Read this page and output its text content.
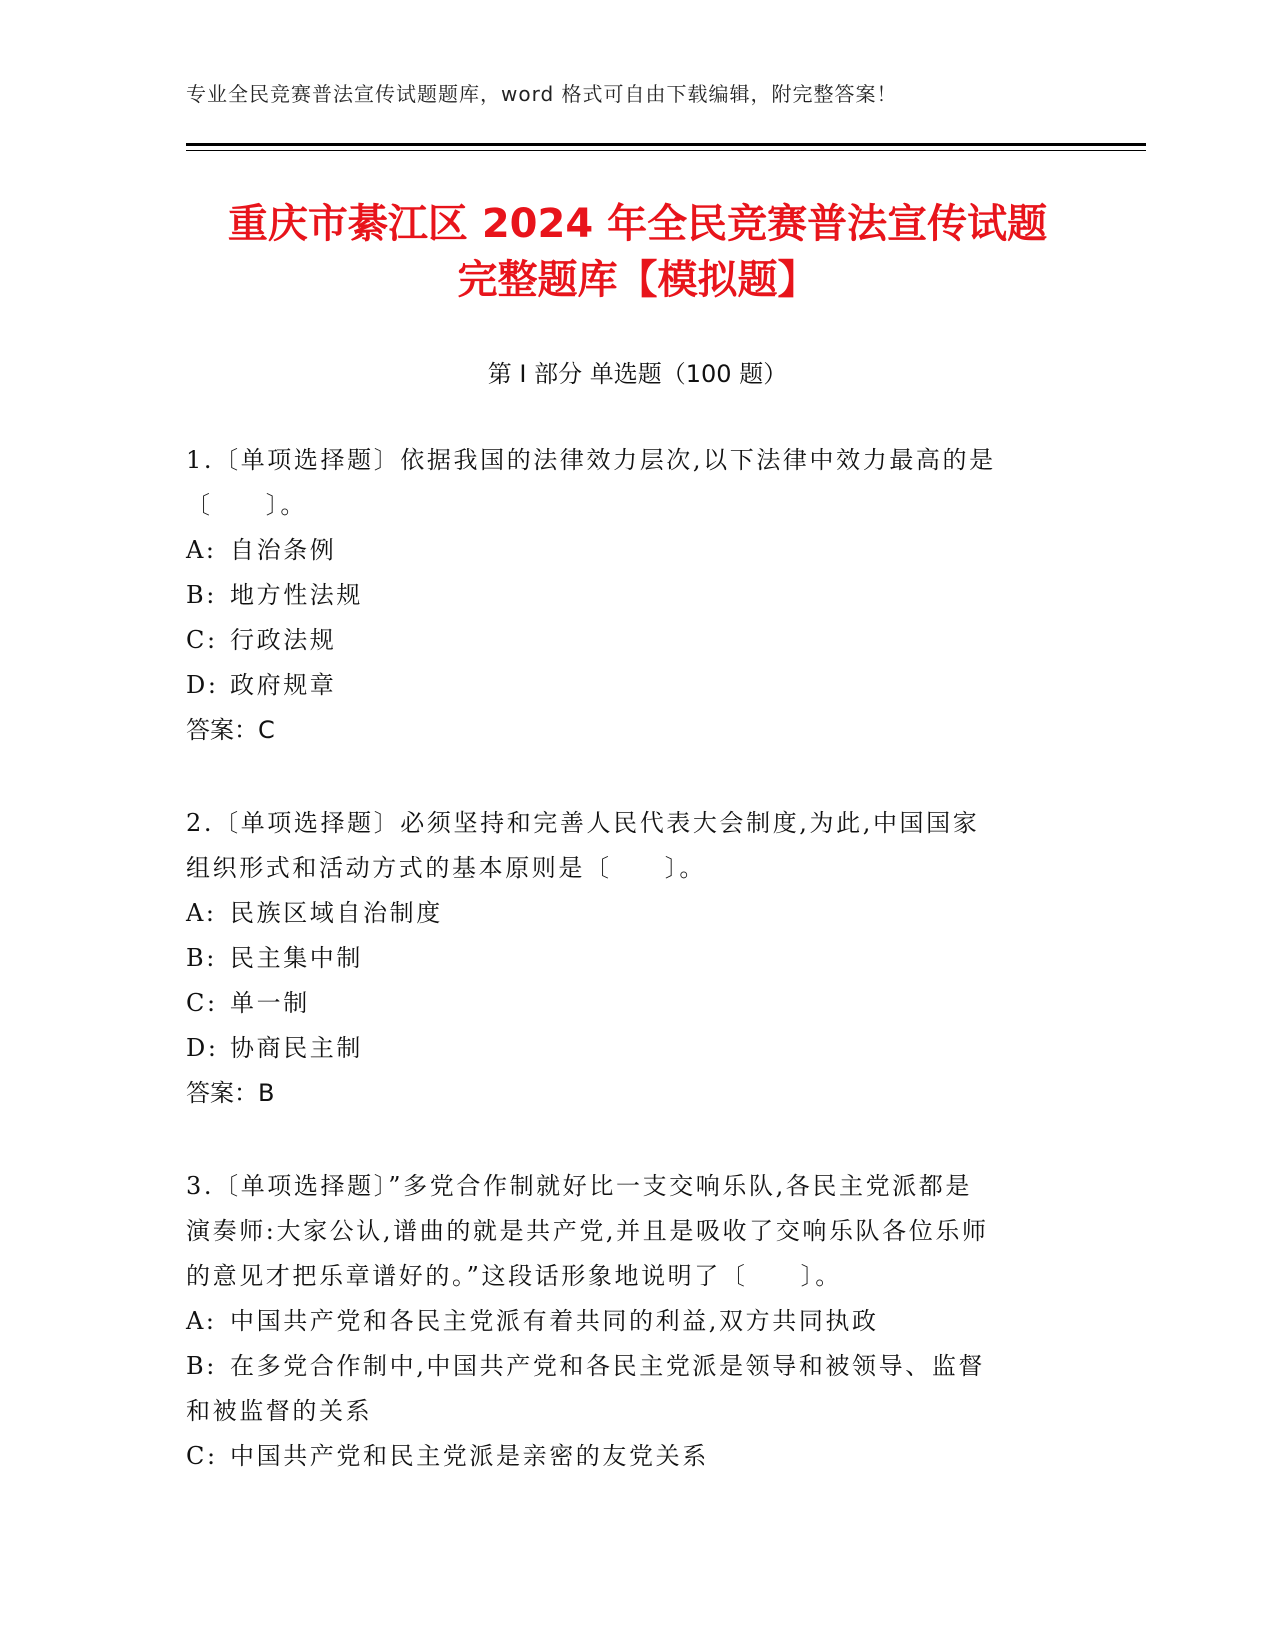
专业全民竞赛普法宣传试题题库，word 格式可自由下载编辑，附完整答案！
重庆市綦江区 2024 年全民竞赛普法宣传试题
完整题库【模拟题】
第 I 部分 单选题（100 题）
1.〔单项选择题〕依据我国的法律效力层次,以下法律中效力最高的是
〔　　〕。
A: 自治条例
B: 地方性法规
C: 行政法规
D: 政府规章
答案：C
2.〔单项选择题〕必须坚持和完善人民代表大会制度,为此,中国国家
组织形式和活动方式的基本原则是〔　　〕。
A: 民族区域自治制度
B: 民主集中制
C: 单一制
D: 协商民主制
答案：B
3.〔单项选择题〕”多党合作制就好比一支交响乐队,各民主党派都是
演奏师:大家公认,谱曲的就是共产党,并且是吸收了交响乐队各位乐师
的意见才把乐章谱好的。”这段话形象地说明了〔　　〕。
A: 中国共产党和各民主党派有着共同的利益,双方共同执政
B: 在多党合作制中,中国共产党和各民主党派是领导和被领导、监督
和被监督的关系
C: 中国共产党和民主党派是亲密的友党关系
